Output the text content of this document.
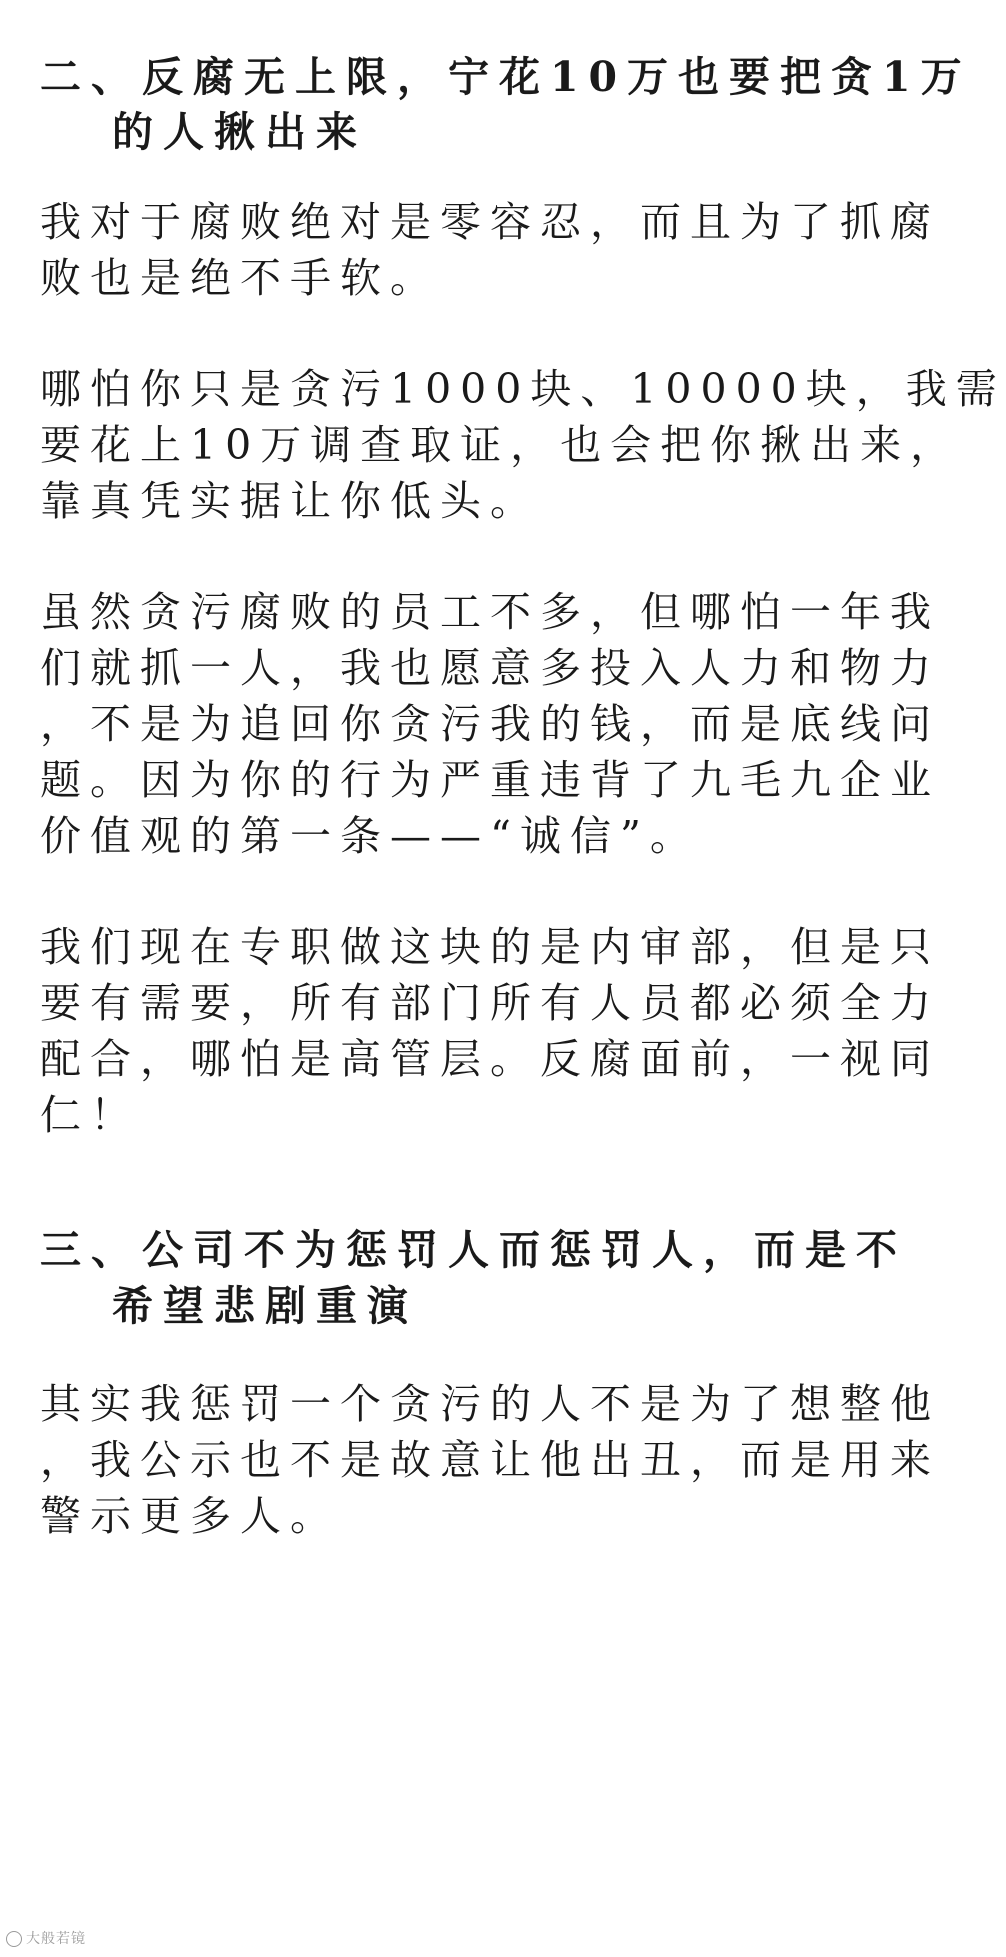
二、反腐无上限，宁花10万也要把贪1万
的人揪出来
我对于腐败绝对是零容忍，而且为了抓腐
败也是绝不手软。
哪怕你只是贪污1000块、10000块，我需
要花上10万调查取证，也会把你揪出来，
靠真凭实据让你低头。
虽然贪污腐败的员工不多，但哪怕一年我
们就抓一人，我也愿意多投入人力和物力
，不是为追回你贪污我的钱，而是底线问
题。因为你的行为严重违背了九毛九企业
价值观的第一条——“诚信”。
我们现在专职做这块的是内审部，但是只
要有需要，所有部门所有人员都必须全力
配合，哪怕是高管层。反腐面前，一视同
仁！
三、公司不为惩罚人而惩罚人，而是不
希望悲剧重演
其实我惩罚一个贪污的人不是为了想整他
，我公示也不是故意让他出丑，而是用来
警示更多人。
大般若镜
